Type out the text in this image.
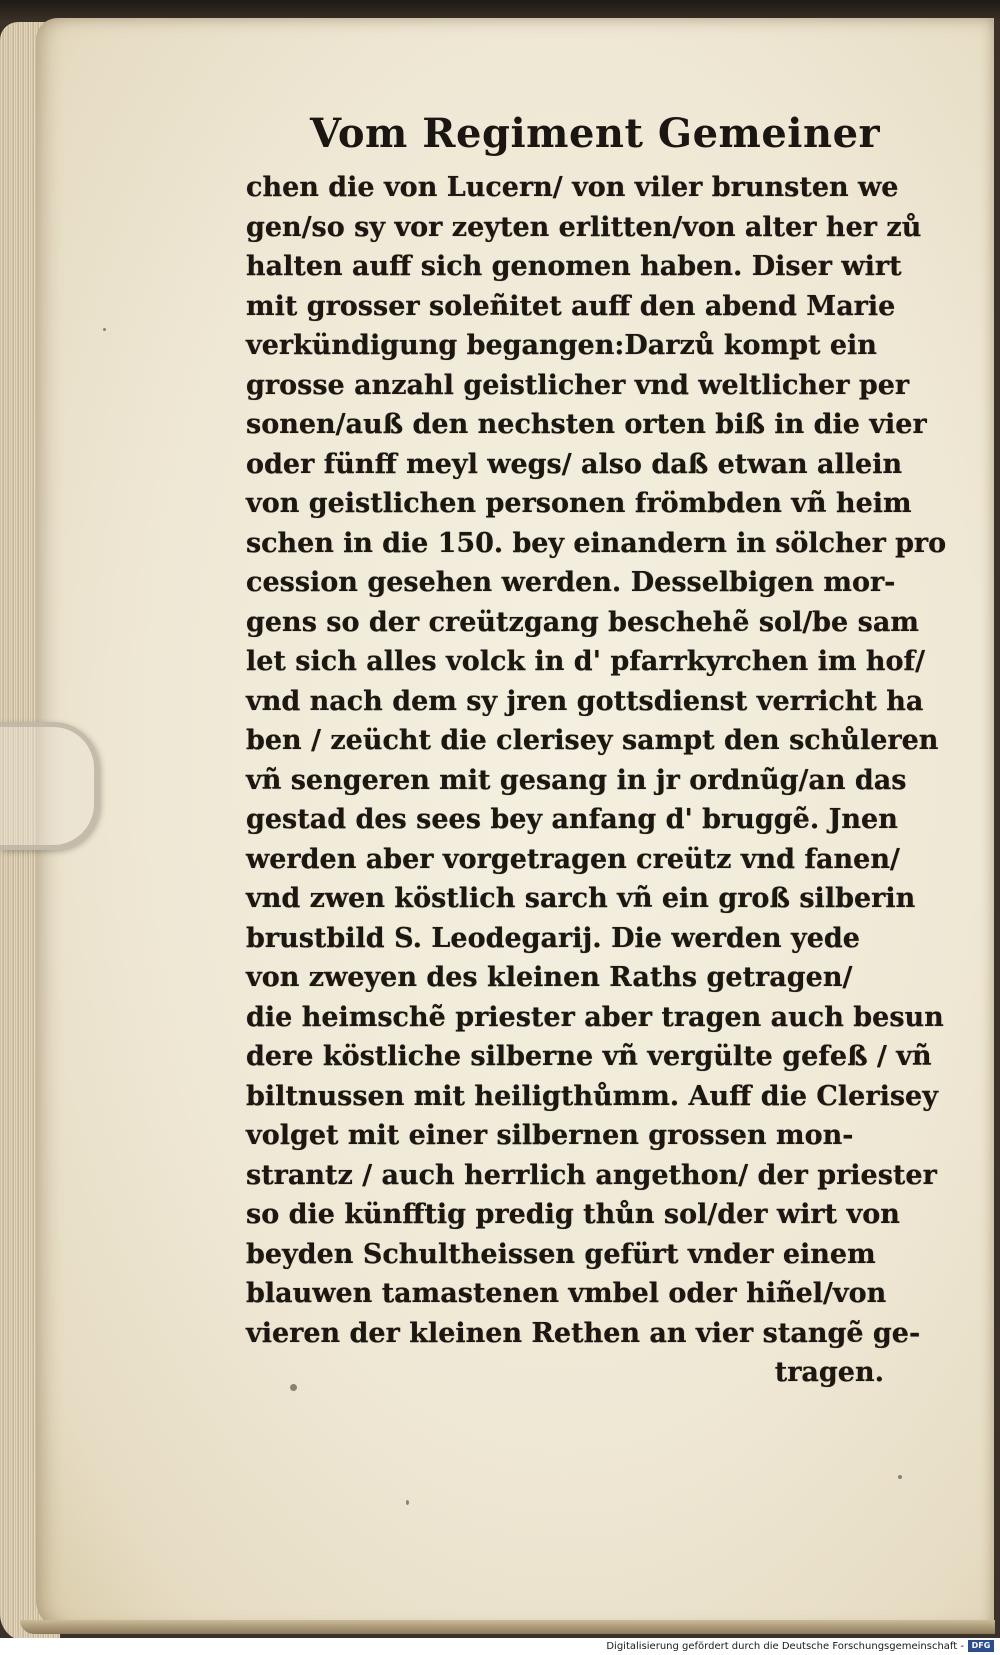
Vom Regiment Gemeiner
chen die von Lucern/ von viler brunsten we
gen/so sy vor zeyten erlitten/von alter her zů
halten auff sich genomen haben. Diser wirt
mit grosser soleñitet auff den abend Marie
verkündigung begangen:Darzů kompt ein
grosse anzahl geistlicher vnd weltlicher per
sonen/auß den nechsten orten biß in die vier
oder fünff meyl wegs/ also daß etwan allein
von geistlichen personen frömbden vñ heim
schen in die 150. bey einandern in sölcher pro
cession gesehen werden. Desselbigen mor-
gens so der creützgang beschehẽ sol/be sam
let sich alles volck in d' pfarrkyrchen im hof/
vnd nach dem sy jren gottsdienst verricht ha
ben / zeücht die clerisey sampt den schůleren
vñ sengeren mit gesang in jr ordnũg/an das
gestad des sees bey anfang d' bruggẽ. Jnen
werden aber vorgetragen creütz vnd fanen/
vnd zwen köstlich sarch vñ ein groß silberin
brustbild S. Leodegarij. Die werden yede
von zweyen des kleinen Raths getragen/
die heimschẽ priester aber tragen auch besun
dere köstliche silberne vñ vergülte gefeß / vñ
biltnussen mit heiligthůmm. Auff die Clerisey
volget mit einer silbernen grossen mon-
strantz / auch herrlich angethon/ der priester
so die künfftig predig thůn sol/der wirt von
beyden Schultheissen gefürt vnder einem
blauwen tamastenen vmbel oder hiñel/von
vieren der kleinen Rethen an vier stangẽ ge-
tragen.
Digitalisierung gefördert durch die Deutsche Forschungsgemeinschaft - DFG
